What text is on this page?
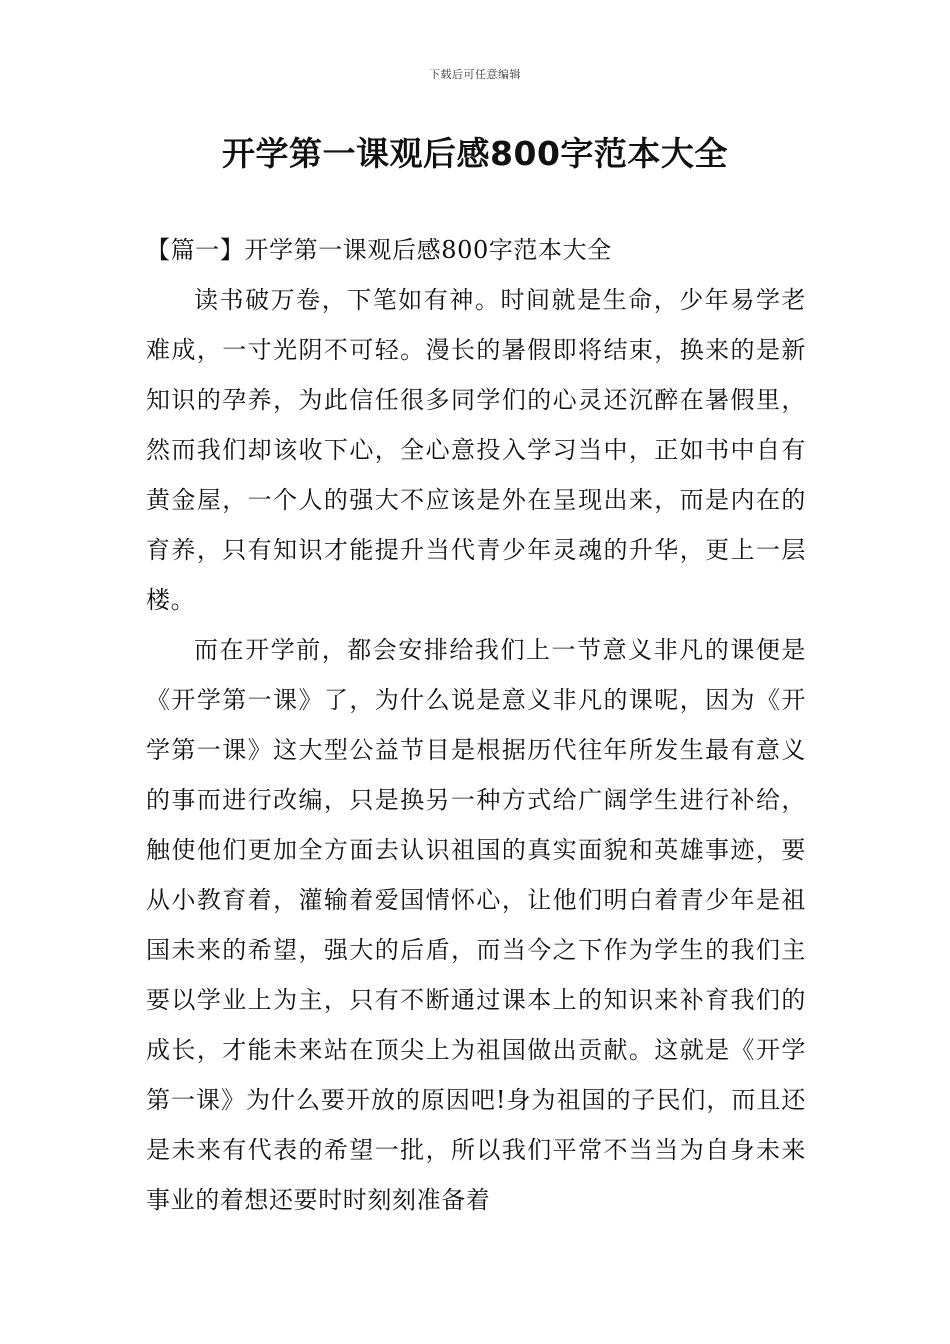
下载后可任意编辑
开学第一课观后感800字范本大全
【篇一】开学第一课观后感800字范本大全

读书破万卷，下笔如有神。时间就是生命，少年易学老难成，一寸光阴不可轻。漫长的暑假即将结束，换来的是新知识的孕养，为此信任很多同学们的心灵还沉醉在暑假里，然而我们却该收下心，全心意投入学习当中，正如书中自有黄金屋，一个人的强大不应该是外在呈现出来，而是内在的育养，只有知识才能提升当代青少年灵魂的升华，更上一层楼。

而在开学前，都会安排给我们上一节意义非凡的课便是《开学第一课》了，为什么说是意义非凡的课呢，因为《开学第一课》这大型公益节目是根据历代往年所发生最有意义的事而进行改编，只是换另一种方式给广阔学生进行补给，触使他们更加全方面去认识祖国的真实面貌和英雄事迹，要从小教育着，灌输着爱国情怀心，让他们明白着青少年是祖国未来的希望，强大的后盾，而当今之下作为学生的我们主要以学业上为主，只有不断通过课本上的知识来补育我们的成长，才能未来站在顶尖上为祖国做出贡献。这就是《开学第一课》为什么要开放的原因吧!身为祖国的子民们，而且还是未来有代表的希望一批，所以我们平常不当当为自身未来事业的着想还要时时刻刻准备着
